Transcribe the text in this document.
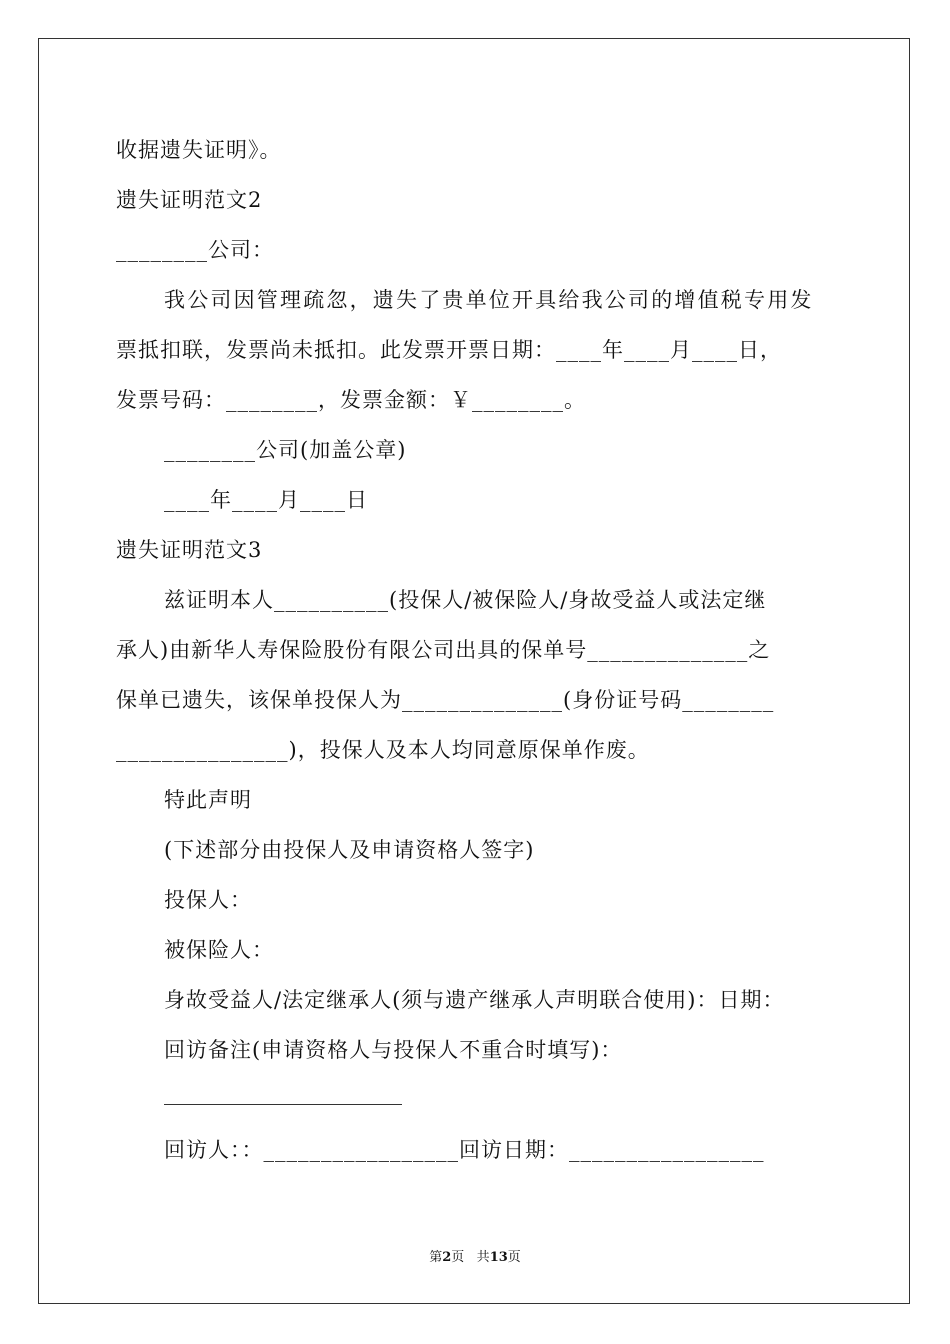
收据遗失证明》。
遗失证明范文2
________公司：
我公司因管理疏忽，遗失了贵单位开具给我公司的增值税专用发
票抵扣联，发票尚未抵扣。此发票开票日期：____年____月____日，
发票号码：________，发票金额：￥________。
________公司(加盖公章)
____年____月____日
遗失证明范文3
兹证明本人__________(投保人/被保险人/身故受益人或法定继
承人)由新华人寿保险股份有限公司出具的保单号______________之
保单已遗失，该保单投保人为______________(身份证号码________
_______________)，投保人及本人均同意原保单作废。
特此声明
(下述部分由投保人及申请资格人签字)
投保人：
被保险人：
身故受益人/法定继承人(须与遗产继承人声明联合使用)：日期：
回访备注(申请资格人与投保人不重合时填写)：
回访人：：_________________回访日期：_________________
第2页 共13页
